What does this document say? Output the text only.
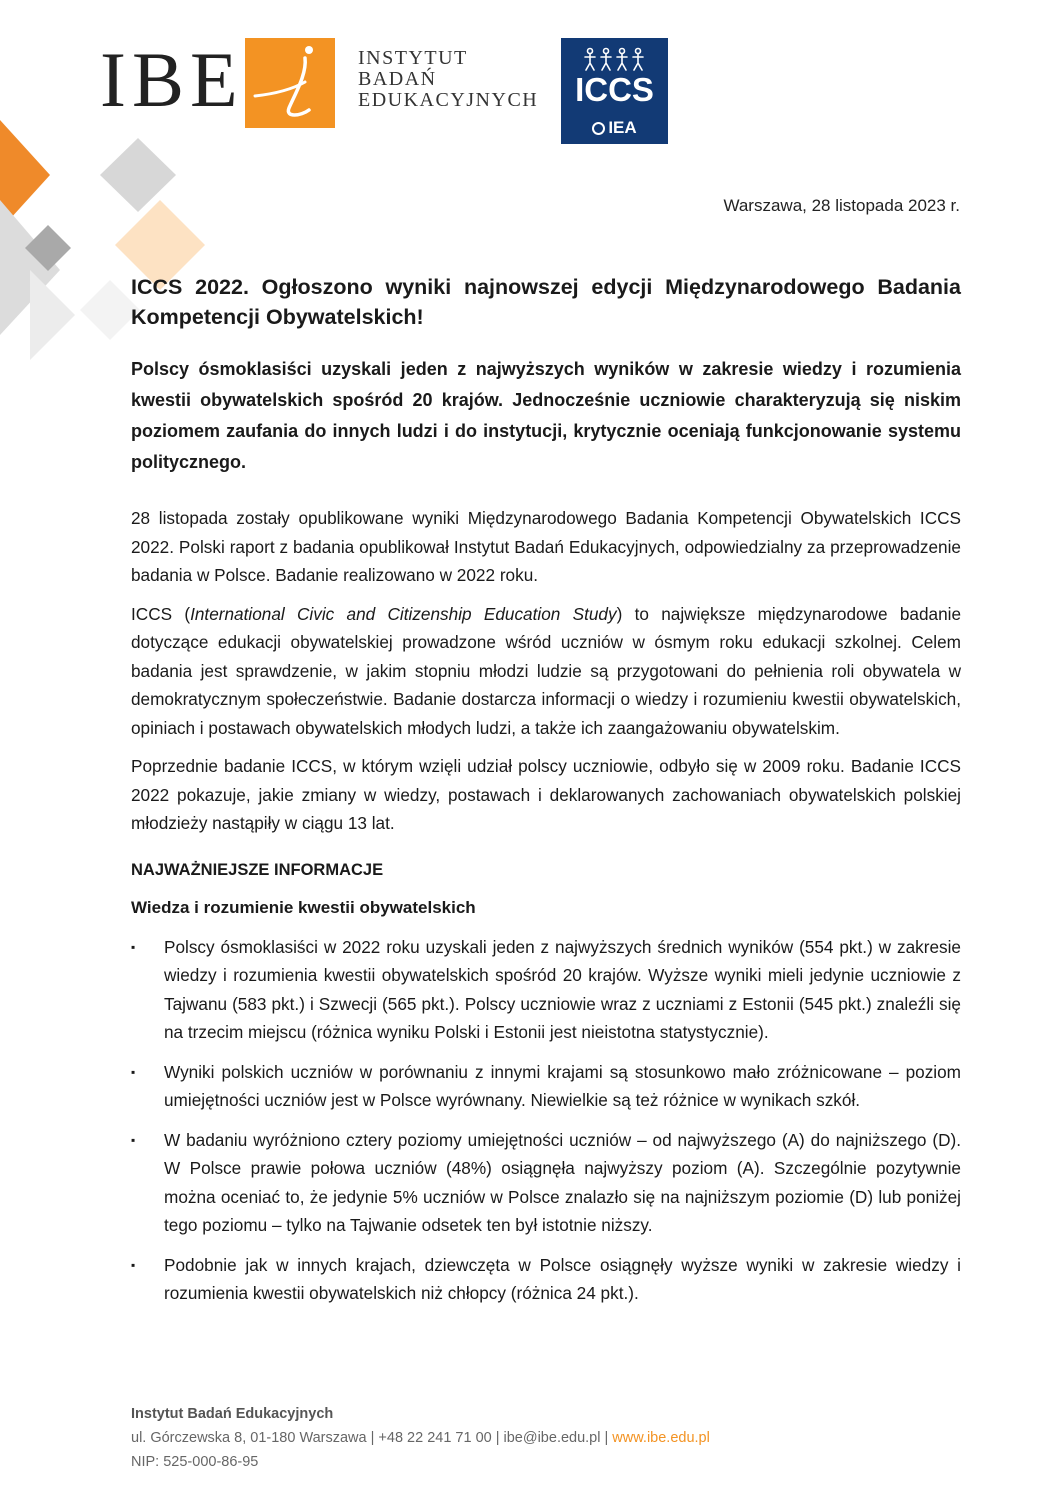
IBE	INSTYTUT
BADAŃ
EDUKACYJNYCH	ICCS
IEA
Warszawa, 28 listopada 2023 r.

ICCS 2022. Ogłoszono wyniki najnowszej edycji Międzynarodowego Badania Kompetencji Obywatelskich!

Polscy ósmoklasiści uzyskali jeden z najwyższych wyników w zakresie wiedzy i rozumienia kwestii obywatelskich spośród 20 krajów. Jednocześnie uczniowie charakteryzują się niskim poziomem zaufania do innych ludzi i do instytucji, krytycznie oceniają funkcjonowanie systemu politycznego.

28 listopada zostały opublikowane wyniki Międzynarodowego Badania Kompetencji Obywatelskich ICCS 2022. Polski raport z badania opublikował Instytut Badań Edukacyjnych, odpowiedzialny za przeprowadzenie badania w Polsce. Badanie realizowano w 2022 roku.

ICCS (International Civic and Citizenship Education Study) to największe międzynarodowe badanie dotyczące edukacji obywatelskiej prowadzone wśród uczniów w ósmym roku edukacji szkolnej. Celem badania jest sprawdzenie, w jakim stopniu młodzi ludzie są przygotowani do pełnienia roli obywatela w demokratycznym społeczeństwie. Badanie dostarcza informacji o wiedzy i rozumieniu kwestii obywatelskich, opiniach i postawach obywatelskich młodych ludzi, a także ich zaangażowaniu obywatelskim.

Poprzednie badanie ICCS, w którym wzięli udział polscy uczniowie, odbyło się w 2009 roku. Badanie ICCS 2022 pokazuje, jakie zmiany w wiedzy, postawach i deklarowanych zachowaniach obywatelskich polskiej młodzieży nastąpiły w ciągu 13 lat.

NAJWAŻNIEJSZE INFORMACJE

Wiedza i rozumienie kwestii obywatelskich

▪ Polscy ósmoklasiści w 2022 roku uzyskali jeden z najwyższych średnich wyników (554 pkt.) w zakresie wiedzy i rozumienia kwestii obywatelskich spośród 20 krajów. Wyższe wyniki mieli jedynie uczniowie z Tajwanu (583 pkt.) i Szwecji (565 pkt.). Polscy uczniowie wraz z uczniami z Estonii (545 pkt.) znaleźli się na trzecim miejscu (różnica wyniku Polski i Estonii jest nieistotna statystycznie).
▪ Wyniki polskich uczniów w porównaniu z innymi krajami są stosunkowo mało zróżnicowane – poziom umiejętności uczniów jest w Polsce wyrównany. Niewielkie są też różnice w wynikach szkół.
▪ W badaniu wyróżniono cztery poziomy umiejętności uczniów – od najwyższego (A) do najniższego (D). W Polsce prawie połowa uczniów (48%) osiągnęła najwyższy poziom (A). Szczególnie pozytywnie można oceniać to, że jedynie 5% uczniów w Polsce znalazło się na najniższym poziomie (D) lub poniżej tego poziomu – tylko na Tajwanie odsetek ten był istotnie niższy.
▪ Podobnie jak w innych krajach, dziewczęta w Polsce osiągnęły wyższe wyniki w zakresie wiedzy i rozumienia kwestii obywatelskich niż chłopcy (różnica 24 pkt.).
Instytut Badań Edukacyjnych
ul. Górczewska 8, 01-180 Warszawa | +48 22 241 71 00 | ibe@ibe.edu.pl | www.ibe.edu.pl
NIP: 525-000-86-95
